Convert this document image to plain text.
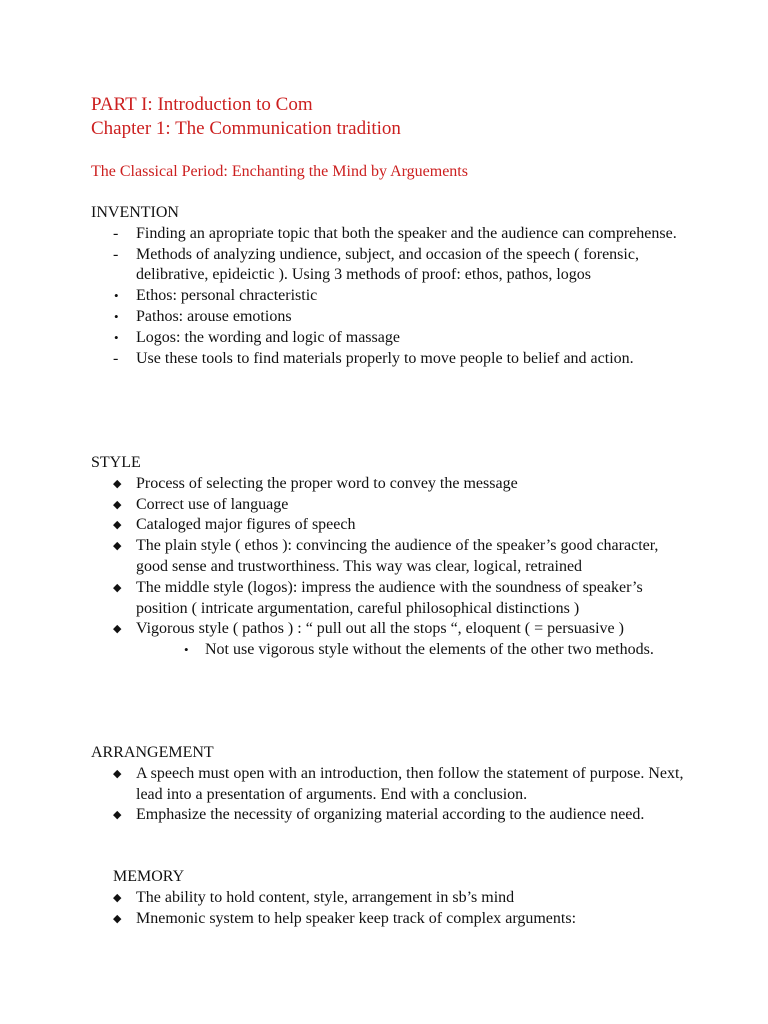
PART I: Introduction to Com
Chapter 1: The Communication tradition
The Classical Period: Enchanting the Mind by Arguements
INVENTION
-	Finding an apropriate topic that both the speaker and the audience can comprehense.
-	Methods of analyzing undience, subject, and occasion of the speech ( forensic, delibrative, epideictic ). Using 3 methods of proof: ethos, pathos, logos
•	Ethos: personal chracteristic
•	Pathos: arouse emotions
•	Logos: the wording and logic of massage
-	Use these tools to find materials properly to move people to belief and action.
STYLE
◆ Process of selecting the proper word to convey the message
◆ Correct use of language
◆ Cataloged major figures of speech
◆ The plain style ( ethos ): convincing the audience of the speaker’s good character, good sense and trustworthiness. This way was clear, logical, retrained
◆ The middle style (logos): impress the audience with the soundness of speaker’s position ( intricate argumentation, careful philosophical distinctions )
◆ Vigorous style ( pathos ) : “ pull out all the stops “, eloquent ( = persuasive )
•	Not use vigorous style without the elements of the other two methods.
ARRANGEMENT
◆ A speech must open with an introduction, then follow the statement of purpose. Next, lead into a presentation of arguments. End with a conclusion.
◆ Emphasize the necessity of organizing material according to the audience need.
MEMORY
◆ The ability to hold content, style, arrangement in sb’s mind
◆ Mnemonic system to help speaker keep track of complex arguments:
